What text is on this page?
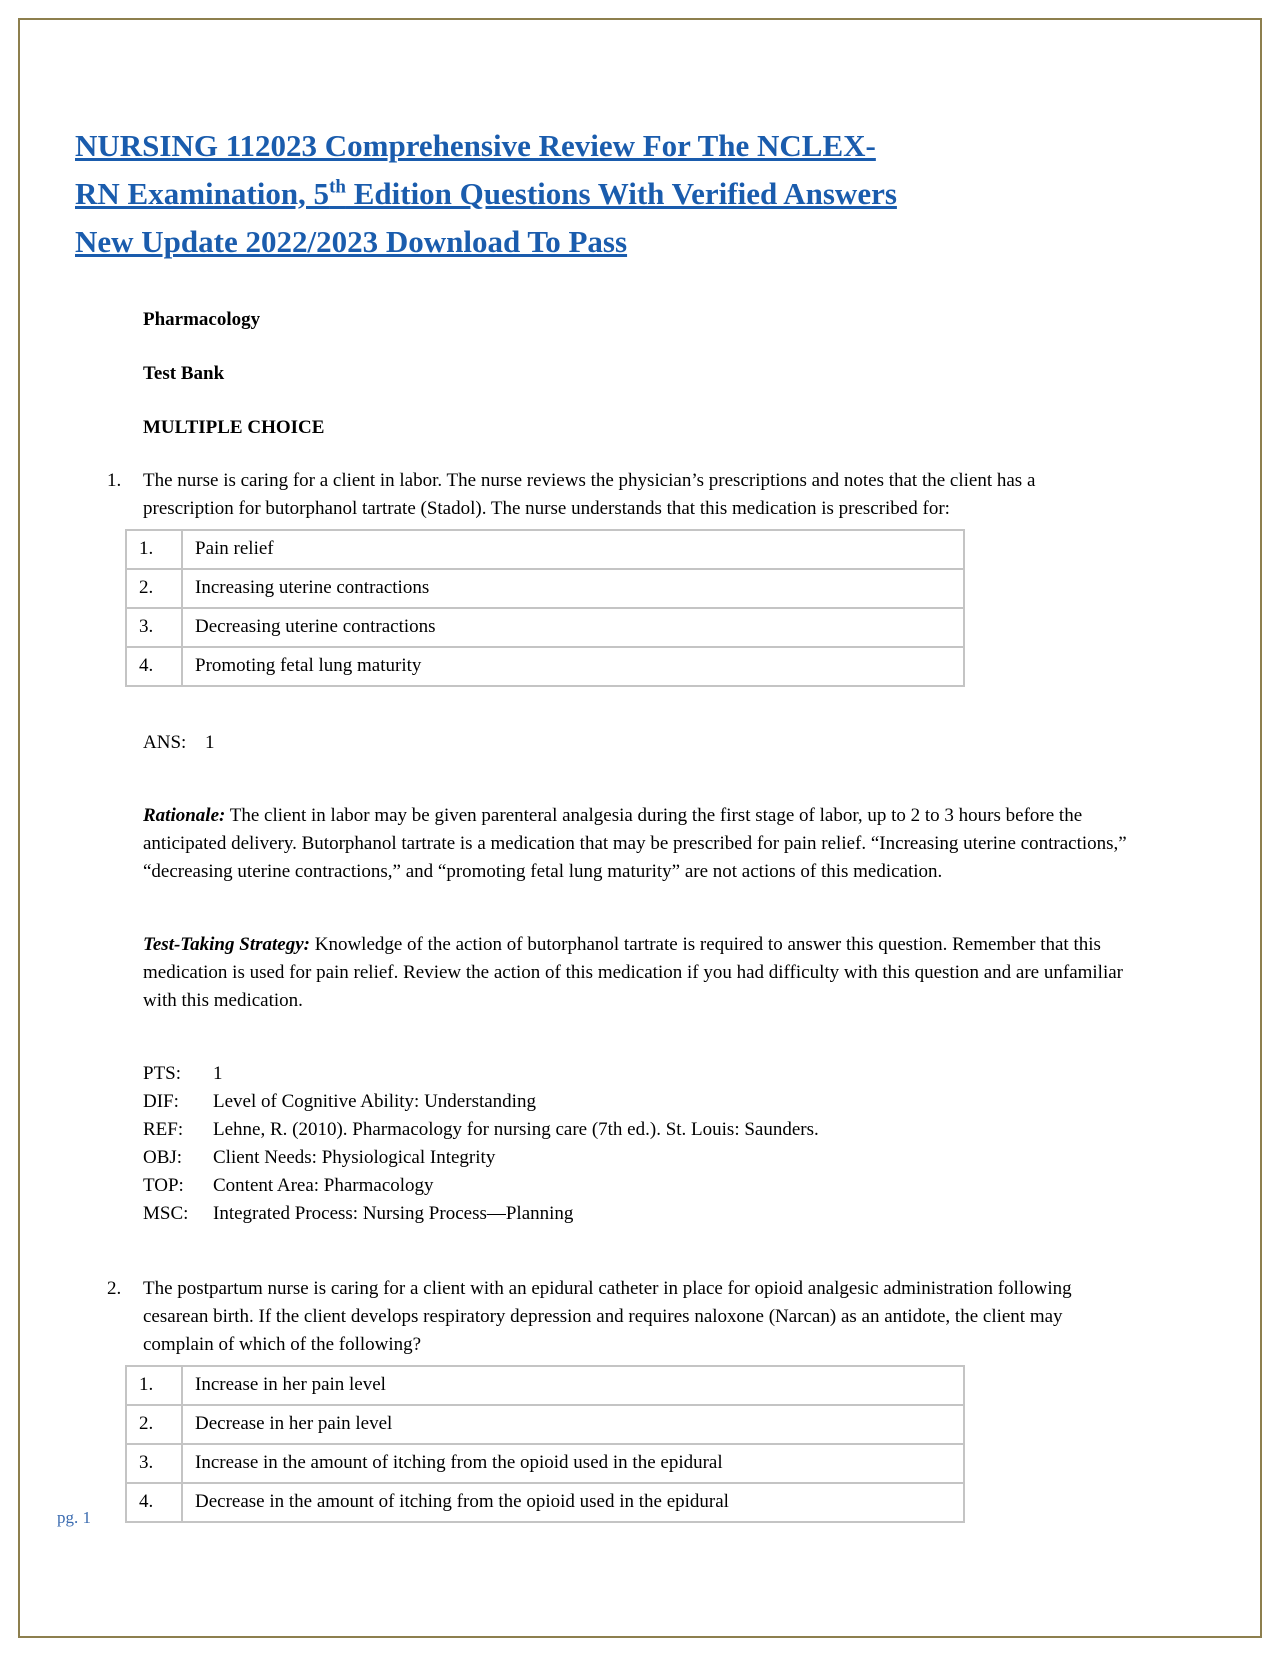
NURSING 112023 Comprehensive Review For The NCLEX-
RN Examination, 5th Edition Questions With Verified Answers
New Update 2022/2023 Download To Pass

Pharmacology

Test Bank

MULTIPLE CHOICE

1.	The nurse is caring for a client in labor. The nurse reviews the physician’s prescriptions and notes that the client has a prescription for butorphanol tartrate (Stadol). The nurse understands that this medication is prescribed for:
1.	Pain relief
2.	Increasing uterine contractions
3.	Decreasing uterine contractions
4.	Promoting fetal lung maturity
ANS: 1

Rationale: The client in labor may be given parenteral analgesia during the first stage of labor, up to 2 to 3 hours before the anticipated delivery. Butorphanol tartrate is a medication that may be prescribed for pain relief. “Increasing uterine contractions,” “decreasing uterine contractions,” and “promoting fetal lung maturity” are not actions of this medication.

Test-Taking Strategy: Knowledge of the action of butorphanol tartrate is required to answer this question. Remember that this medication is used for pain relief. Review the action of this medication if you had difficulty with this question and are unfamiliar with this medication.

PTS: 1
DIF: Level of Cognitive Ability: Understanding
REF: Lehne, R. (2010). Pharmacology for nursing care (7th ed.). St. Louis: Saunders.
OBJ: Client Needs: Physiological Integrity
TOP: Content Area: Pharmacology
MSC: Integrated Process: Nursing Process—Planning
2.	The postpartum nurse is caring for a client with an epidural catheter in place for opioid analgesic administration following cesarean birth. If the client develops respiratory depression and requires naloxone (Narcan) as an antidote, the client may complain of which of the following?
1.	Increase in her pain level
2.	Decrease in her pain level
3.	Increase in the amount of itching from the opioid used in the epidural
4.	Decrease in the amount of itching from the opioid used in the epidural
pg. 1
